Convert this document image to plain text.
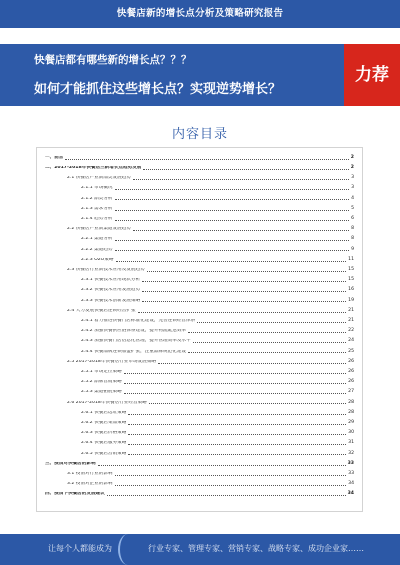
快餐店新的增长点分析及策略研究报告
快餐店都有哪些新的增长点？？？
如何才能抓住这些增长点？实现逆势增长？
力荐
内容目录
一、前言	2
二、2017-2018年快餐店三新增长点趋势发展	2
2.1 快餐店产业新品类发展趋势	3
2.1.1 市场概况	3
2.1.2 品类分析	4
2.1.3 需求分析	5
2.1.4 趋势分析	6
2.2 快餐店产业新渠道发展趋势	8
2.2.1 渠道分析	8
2.2.2 渠道趋势	9
2.2.3 O2O策略	11
2.3 快餐店行业新技术应用及发展趋势	15
2.3.1 快餐技术应用现状分析	15
2.3.2 快餐技术应用发展趋势	16
2.3.3 快餐技术创新发展策略	19
2.4 大力发展快餐店连锁经营扩张	21
2.4.1 着力推进快餐门店标准化建设，完善连锁经营体系	21
2.4.2 加强快餐供应链体系建设，提升物流配送效率	22
2.4.3 加强快餐门店信息化管理，提升管理效率及水平	24
2.4.4 快餐品牌连锁加盟扩张，注重品牌规范化建设	25
2.5 2017-2018年快餐店行业市场发展策略	26
2.5.1 市场定位策略	26
2.5.2 品牌营销策略	26
2.5.3 渠道拓展策略	27
2.6 2017-2018年快餐店行业经营策略	28
2.6.1 快餐店选址策略	28
2.6.2 快餐店菜品策略	29
2.6.3 快餐店价格策略	30
2.6.4 快餐店服务策略	31
2.6.5 快餐店营销策略	32
三、疫情对快餐店的影响	33
3.1 疫情对行业的影响	33
3.2 疫情对企业的影响	34
四、疫情下快餐店的发展建议	34
让每个人都能成为	行业专家、管理专家、营销专家、战略专家、成功企业家……
